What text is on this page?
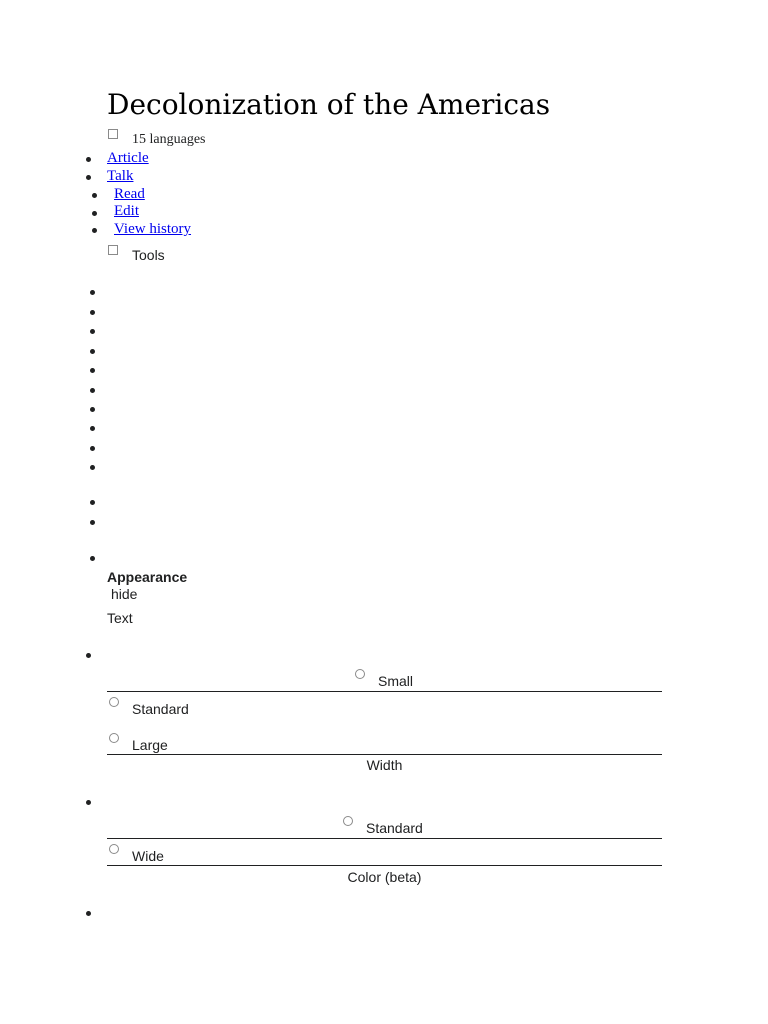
Decolonization of the Americas
15 languages
Article
Talk
Read
Edit
View history
Tools
Appearance
hide
Text
Small
Standard
Large
Width
Standard
Wide
Color (beta)
